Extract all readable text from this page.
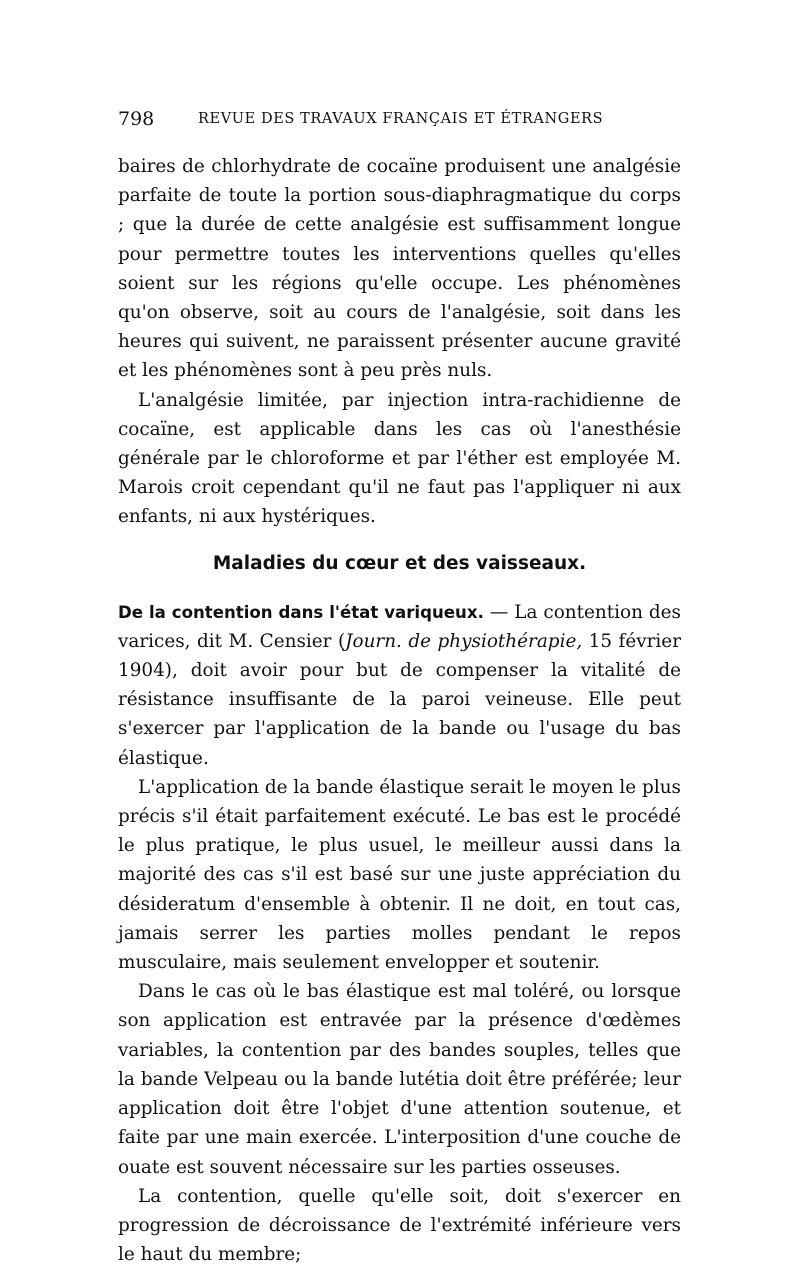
798	REVUE DES TRAVAUX FRANÇAIS ET ÉTRANGERS

baires de chlorhydrate de cocaïne produisent une analgésie parfaite de toute la portion sous-diaphragmatique du corps ; que la durée de cette analgésie est suffisamment longue pour permettre toutes les interventions quelles qu'elles soient sur les régions qu'elle occupe. Les phénomènes qu'on observe, soit au cours de l'analgésie, soit dans les heures qui suivent, ne paraissent présenter aucune gravité et les phénomènes sont à peu près nuls.

L'analgésie limitée, par injection intra-rachidienne de cocaïne, est applicable dans les cas où l'anesthésie générale par le chloroforme et par l'éther est employée M. Marois croit cependant qu'il ne faut pas l'appliquer ni aux enfants, ni aux hystériques.

Maladies du cœur et des vaisseaux.

De la contention dans l'état variqueux. — La contention des varices, dit M. Censier (Journ. de physiothérapie, 15 février 1904), doit avoir pour but de compenser la vitalité de résistance insuffisante de la paroi veineuse. Elle peut s'exercer par l'application de la bande ou l'usage du bas élastique.

L'application de la bande élastique serait le moyen le plus précis s'il était parfaitement exécuté. Le bas est le procédé le plus pratique, le plus usuel, le meilleur aussi dans la majorité des cas s'il est basé sur une juste appréciation du désideratum d'ensemble à obtenir. Il ne doit, en tout cas, jamais serrer les parties molles pendant le repos musculaire, mais seulement envelopper et soutenir.

Dans le cas où le bas élastique est mal toléré, ou lorsque son application est entravée par la présence d'œdèmes variables, la contention par des bandes souples, telles que la bande Velpeau ou la bande lutétia doit être préférée; leur application doit être l'objet d'une attention soutenue, et faite par une main exercée. L'interposition d'une couche de ouate est souvent nécessaire sur les parties osseuses.

La contention, quelle qu'elle soit, doit s'exercer en progression de décroissance de l'extrémité inférieure vers le haut du membre;
